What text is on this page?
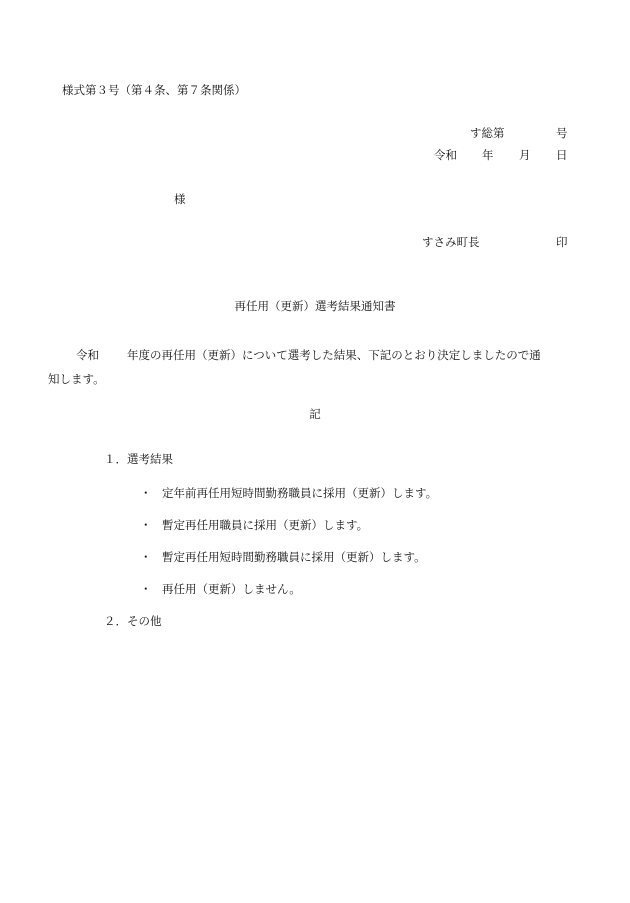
様式第３号（第４条、第７条関係）
す総第	号
令和 年 月 日
様
すさみ町長	印
再任用（更新）選考結果通知書
令和 年度の再任用（更新）について選考した結果、下記のとおり決定しましたので通
知します。
記
１．選考結果
・ 定年前再任用短時間勤務職員に採用（更新）します。
・ 暫定再任用職員に採用（更新）します。
・ 暫定再任用短時間勤務職員に採用（更新）します。
・ 再任用（更新）しません。
２．その他
